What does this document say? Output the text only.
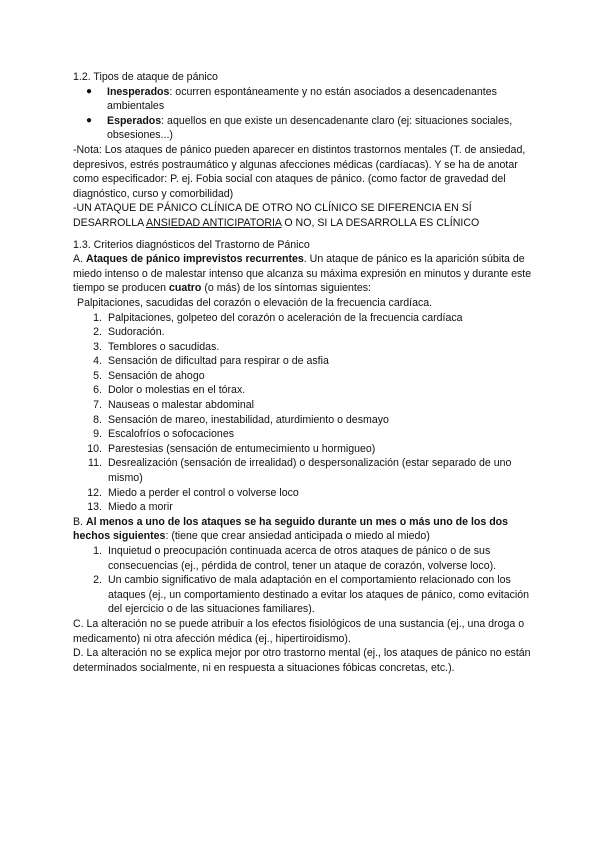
1.2. Tipos de ataque de pánico

● Inesperados: ocurren espontáneamente y no están asociados a desencadenantes ambientales
● Esperados: aquellos en que existe un desencadenante claro (ej: situaciones sociales, obsesiones...)

-Nota: Los ataques de pánico pueden aparecer en distintos trastornos mentales (T. de ansiedad, depresivos, estrés postraumático y algunas afecciones médicas (cardíacas). Y se ha de anotar como especificador: P. ej. Fobia social con ataques de pánico. (como factor de gravedad del diagnóstico, curso y comorbilidad)

-UN ATAQUE DE PÁNICO CLÍNICA DE OTRO NO CLÍNICO SE DIFERENCIA EN SÍ DESARROLLA ANSIEDAD ANTICIPATORIA O NO, SI LA DESARROLLA ES CLÍNICO

1.3. Criterios diagnósticos del Trastorno de Pánico

A. Ataques de pánico imprevistos recurrentes. Un ataque de pánico es la aparición súbita de miedo intenso o de malestar intenso que alcanza su máxima expresión en minutos y durante este tiempo se producen cuatro (o más) de los síntomas siguientes:

Palpitaciones, sacudidas del corazón o elevación de la frecuencia cardíaca.

1. Palpitaciones, golpeteo del corazón o aceleración de la frecuencia cardíaca
2. Sudoración.
3. Temblores o sacudidas.
4. Sensación de dificultad para respirar o de asfia
5. Sensación de ahogo
6. Dolor o molestias en el tórax.
7. Nauseas o malestar abdominal
8. Sensación de mareo, inestabilidad, aturdimiento o desmayo
9. Escalofríos o sofocaciones
10. Parestesias (sensación de entumecimiento u hormigueo)
11. Desrealización (sensación de irrealidad) o despersonalización (estar separado de uno mismo)
12. Miedo a perder el control o volverse loco
13. Miedo a morir

B. Al menos a uno de los ataques se ha seguido durante un mes o más uno de los dos hechos siguientes: (tiene que crear ansiedad anticipada o miedo al miedo)

1. Inquietud o preocupación continuada acerca de otros ataques de pánico o de sus consecuencias (ej., pérdida de control, tener un ataque de corazón, volverse loco).
2. Un cambio significativo de mala adaptación en el comportamiento relacionado con los ataques (ej., un comportamiento destinado a evitar los ataques de pánico, como evitación del ejercicio o de las situaciones familiares).

C. La alteración no se puede atribuir a los efectos fisiológicos de una sustancia (ej., una droga o medicamento) ni otra afección médica (ej., hipertiroidismo).

D. La alteración no se explica mejor por otro trastorno mental (ej., los ataques de pánico no están determinados socialmente, ni en respuesta a situaciones fóbicas concretas, etc.).
